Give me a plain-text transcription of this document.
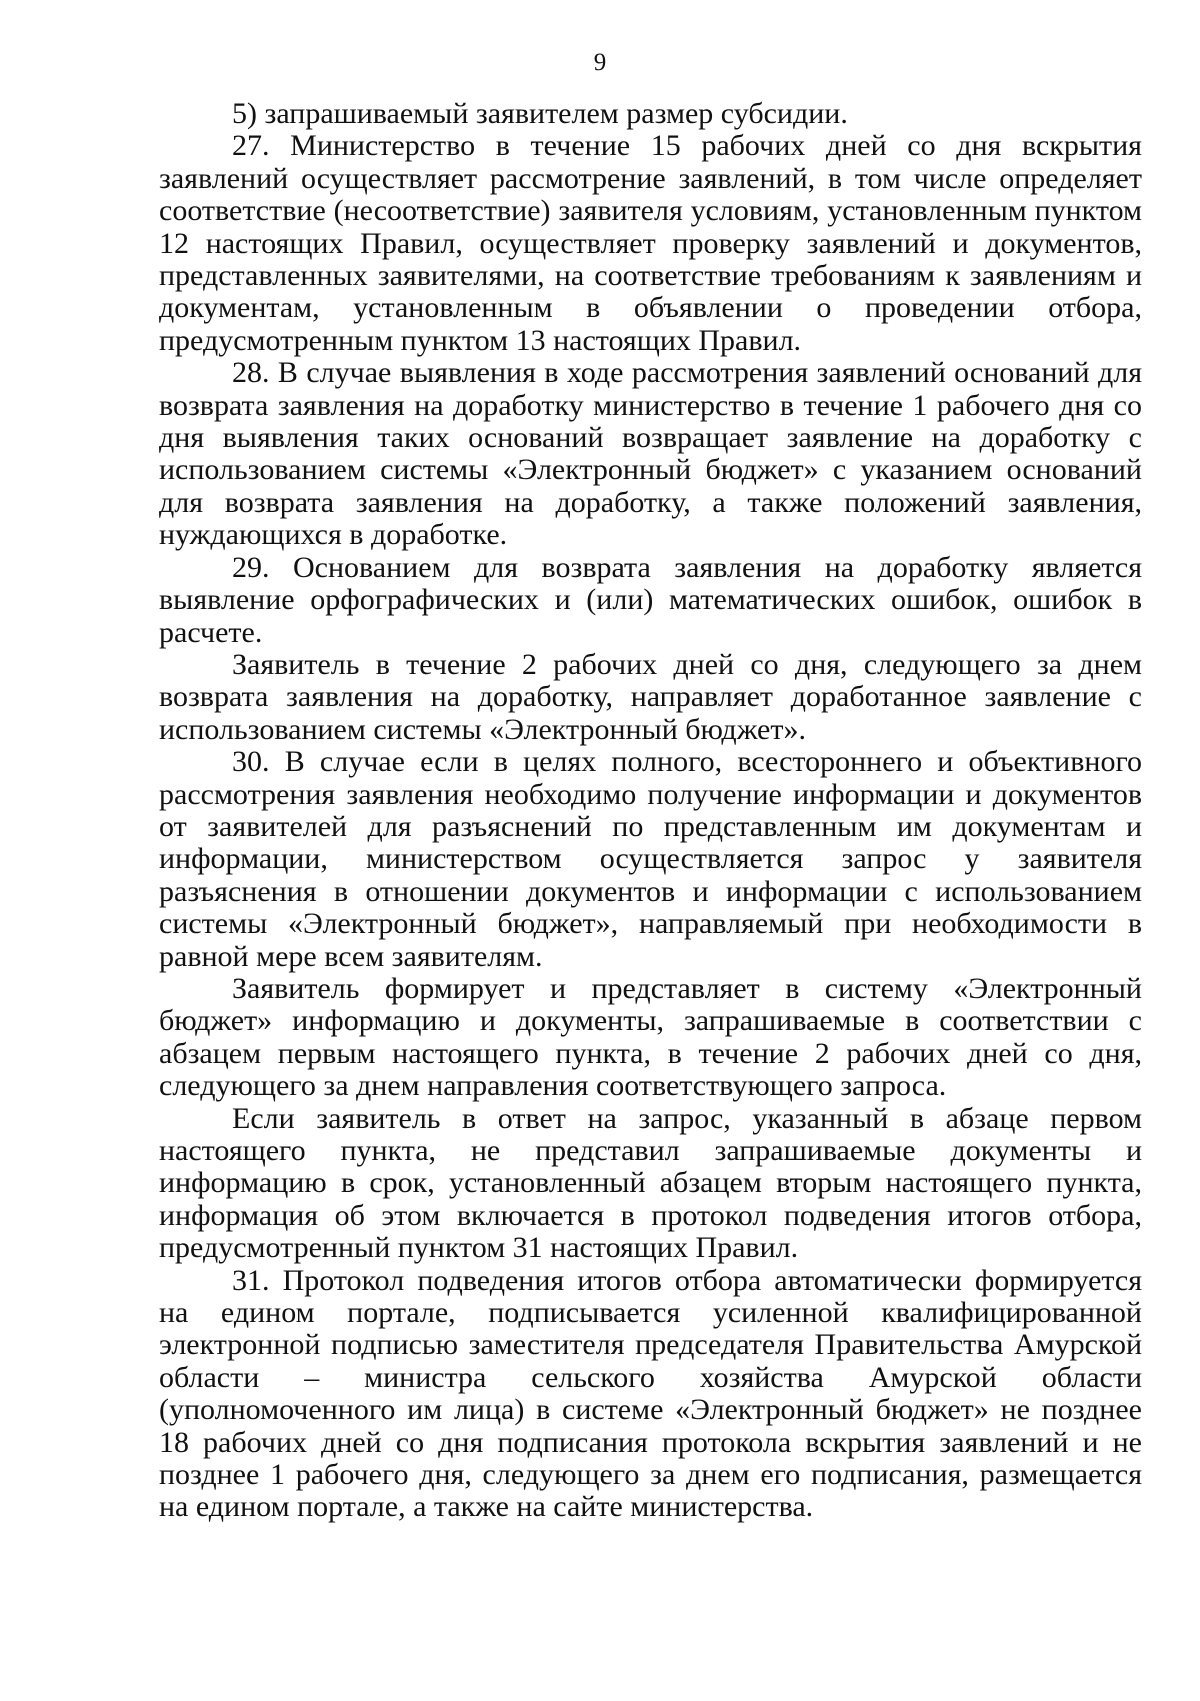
9

5) запрашиваемый заявителем размер субсидии.

27. Министерство в течение 15 рабочих дней со дня вскрытия заявлений осуществляет рассмотрение заявлений, в том числе определяет соответствие (несоответствие) заявителя условиям, установленным пунктом 12 настоящих Правил, осуществляет проверку заявлений и документов, представленных заявителями, на соответствие требованиям к заявлениям и документам, установленным в объявлении о проведении отбора, предусмотренным пунктом 13 настоящих Правил.

28. В случае выявления в ходе рассмотрения заявлений оснований для возврата заявления на доработку министерство в течение 1 рабочего дня со дня выявления таких оснований возвращает заявление на доработку с использованием системы «Электронный бюджет» с указанием оснований для возврата заявления на доработку, а также положений заявления, нуждающихся в доработке.

29. Основанием для возврата заявления на доработку является выявление орфографических и (или) математических ошибок, ошибок в расчете.

Заявитель в течение 2 рабочих дней со дня, следующего за днем возврата заявления на доработку, направляет доработанное заявление с использованием системы «Электронный бюджет».

30. В случае если в целях полного, всестороннего и объективного рассмотрения заявления необходимо получение информации и документов от заявителей для разъяснений по представленным им документам и информации, министерством осуществляется запрос у заявителя разъяснения в отношении документов и информации с использованием системы «Электронный бюджет», направляемый при необходимости в равной мере всем заявителям.

Заявитель формирует и представляет в систему «Электронный бюджет» информацию и документы, запрашиваемые в соответствии с абзацем первым настоящего пункта, в течение 2 рабочих дней со дня, следующего за днем направления соответствующего запроса.

Если заявитель в ответ на запрос, указанный в абзаце первом настоящего пункта, не представил запрашиваемые документы и информацию в срок, установленный абзацем вторым настоящего пункта, информация об этом включается в протокол подведения итогов отбора, предусмотренный пунктом 31 настоящих Правил.

31. Протокол подведения итогов отбора автоматически формируется на едином портале, подписывается усиленной квалифицированной электронной подписью заместителя председателя Правительства Амурской области – министра сельского хозяйства Амурской области (уполномоченного им лица) в системе «Электронный бюджет» не позднее 18 рабочих дней со дня подписания протокола вскрытия заявлений и не позднее 1 рабочего дня, следующего за днем его подписания, размещается на едином портале, а также на сайте министерства.
